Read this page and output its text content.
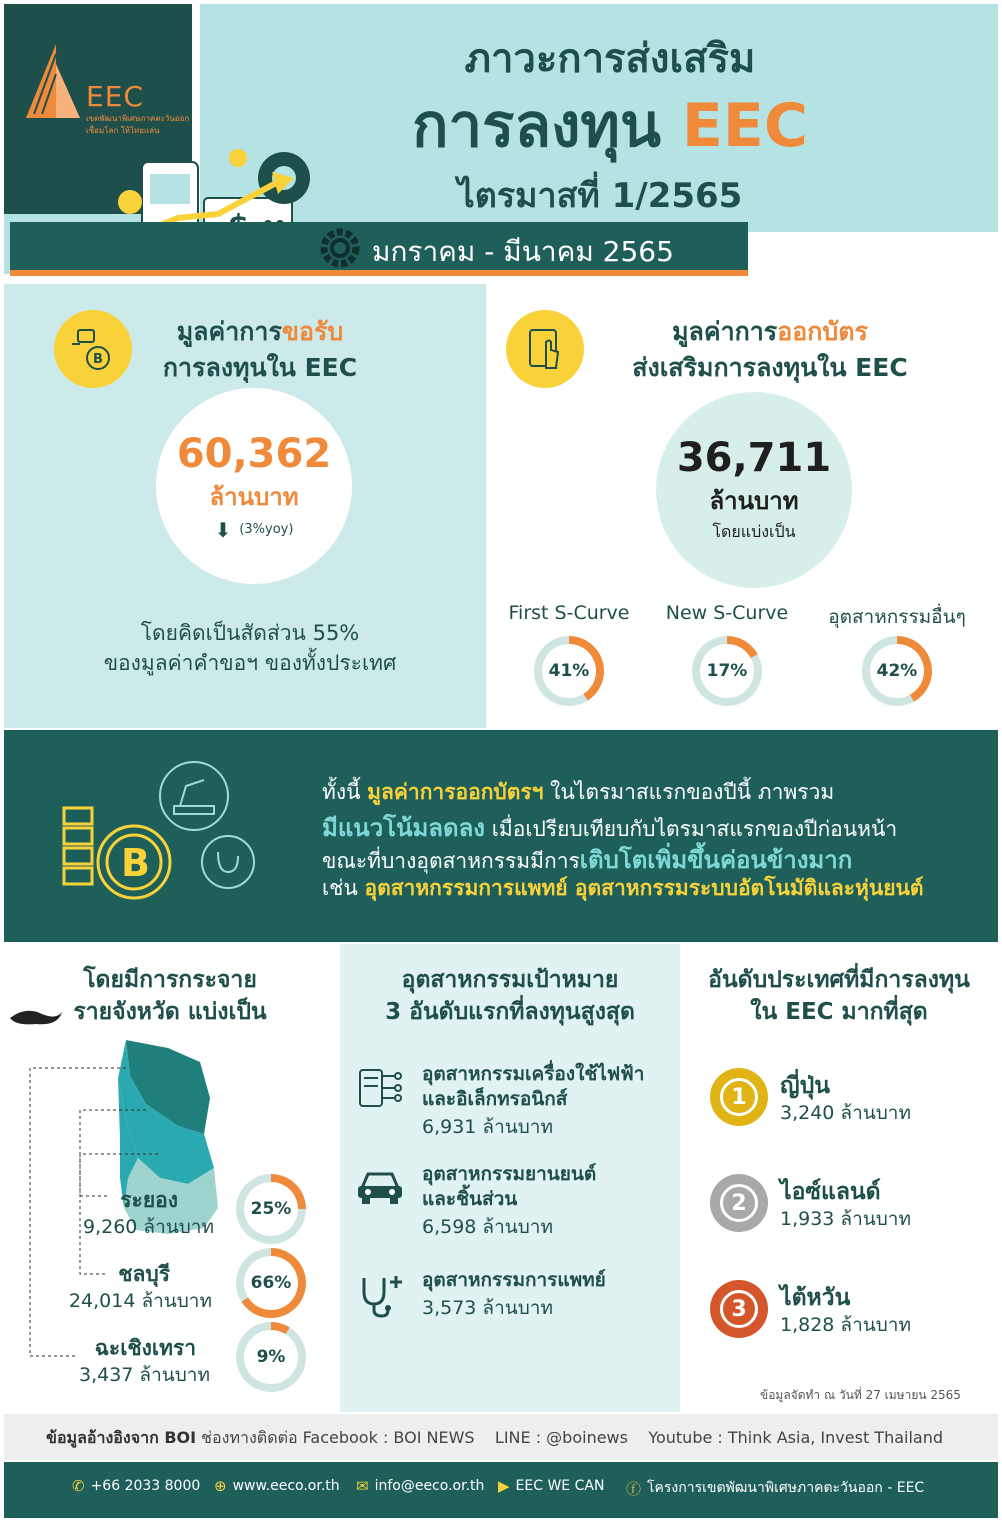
EEC
เขตพัฒนาพิเศษภาคตะวันออก
เชื่อมโลก ให้ไทยแล่น
ภาวะการส่งเสริม
การลงทุน EEC
ไตรมาสที่ 1/2565
มกราคม - มีนาคม 2565
B
มูลค่าการขอรับ
การลงทุนใน EEC
60,362
ล้านบาท
⬇ (3%yoy)
โดยคิดเป็นสัดส่วน 55%
ของมูลค่าคำขอฯ ของทั้งประเทศ
มูลค่าการออกบัตร
ส่งเสริมการลงทุนใน EEC
36,711
ล้านบาท
โดยแบ่งเป็น
First S-Curve	New S-Curve	อุตสาหกรรมอื่นๆ
41%	17%	42%
B
ทั้งนี้ มูลค่าการออกบัตรฯ ในไตรมาสแรกของปีนี้ ภาพรวม
มีแนวโน้มลดลง เมื่อเปรียบเทียบกับไตรมาสแรกของปีก่อนหน้า
ขณะที่บางอุตสาหกรรมมีการเติบโตเพิ่มขึ้นค่อนข้างมาก
เช่น อุตสาหกรรมการแพทย์ อุตสาหกรรมระบบอัตโนมัติและหุ่นยนต์
โดยมีการกระจาย
รายจังหวัด แบ่งเป็น
ระยอง
9,260 ล้านบาท
ชลบุรี
24,014 ล้านบาท
ฉะเชิงเทรา
3,437 ล้านบาท
25%
66%
9%
อุตสาหกรรมเป้าหมาย
3 อันดับแรกที่ลงทุนสูงสุด
อุตสาหกรรมเครื่องใช้ไฟฟ้า
และอิเล็กทรอนิกส์
6,931 ล้านบาท
อุตสาหกรรมยานยนต์
และชิ้นส่วน
6,598 ล้านบาท
อุตสาหกรรมการแพทย์
3,573 ล้านบาท
อันดับประเทศที่มีการลงทุน
ใน EEC มากที่สุด
1	ญี่ปุ่น
3,240 ล้านบาท
2	ไอซ์แลนด์
1,933 ล้านบาท
3	ไต้หวัน
1,828 ล้านบาท
ข้อมูลจัดทำ ณ วันที่ 27 เมษายน 2565
ข้อมูลอ้างอิงจาก BOI ช่องทางติดต่อ Facebook : BOI NEWS    LINE : @boinews    Youtube : Think Asia, Invest Thailand
✆ +66 2033 8000 ⊕ www.eeco.or.th ✉ info@eeco.or.th ▶ EEC WE CAN ⓕ โครงการเขตพัฒนาพิเศษภาคตะวันออก - EEC
